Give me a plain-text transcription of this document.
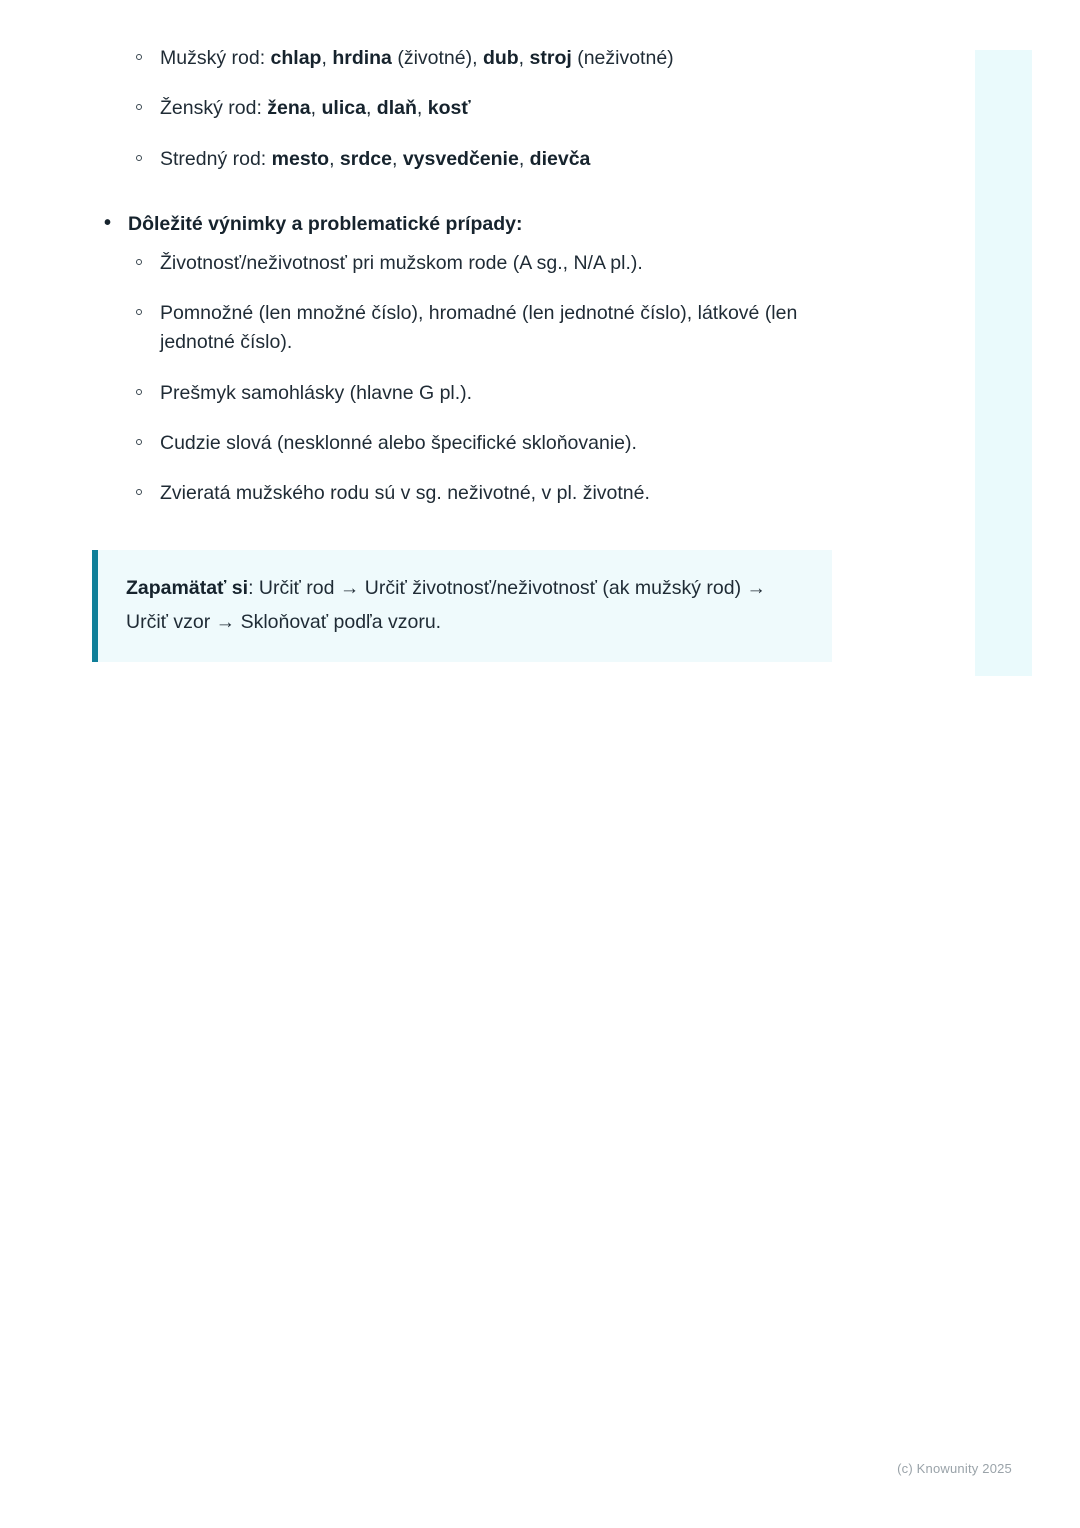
Mužský rod: chlap, hrdina (životné), dub, stroj (neživotné)
Ženský rod: žena, ulica, dlaň, kosť
Stredný rod: mesto, srdce, vysvedčenie, dievča
• Dôležité výnimky a problematické prípady:
Životnosť/neživotnosť pri mužskom rode (A sg., N/A pl.).
Pomnožné (len množné číslo), hromadné (len jednotné číslo), látkové (len jednotné číslo).
Prešmyk samohlásky (hlavne G pl.).
Cudzie slová (nesklonné alebo špecifické skloňovanie).
Zvieratá mužského rodu sú v sg. neživotné, v pl. životné.
Zapamätať si: Určiť rod → Určiť životnosť/neživotnosť (ak mužský rod) → Určiť vzor → Skloňovať podľa vzoru.
(c) Knowunity 2025
